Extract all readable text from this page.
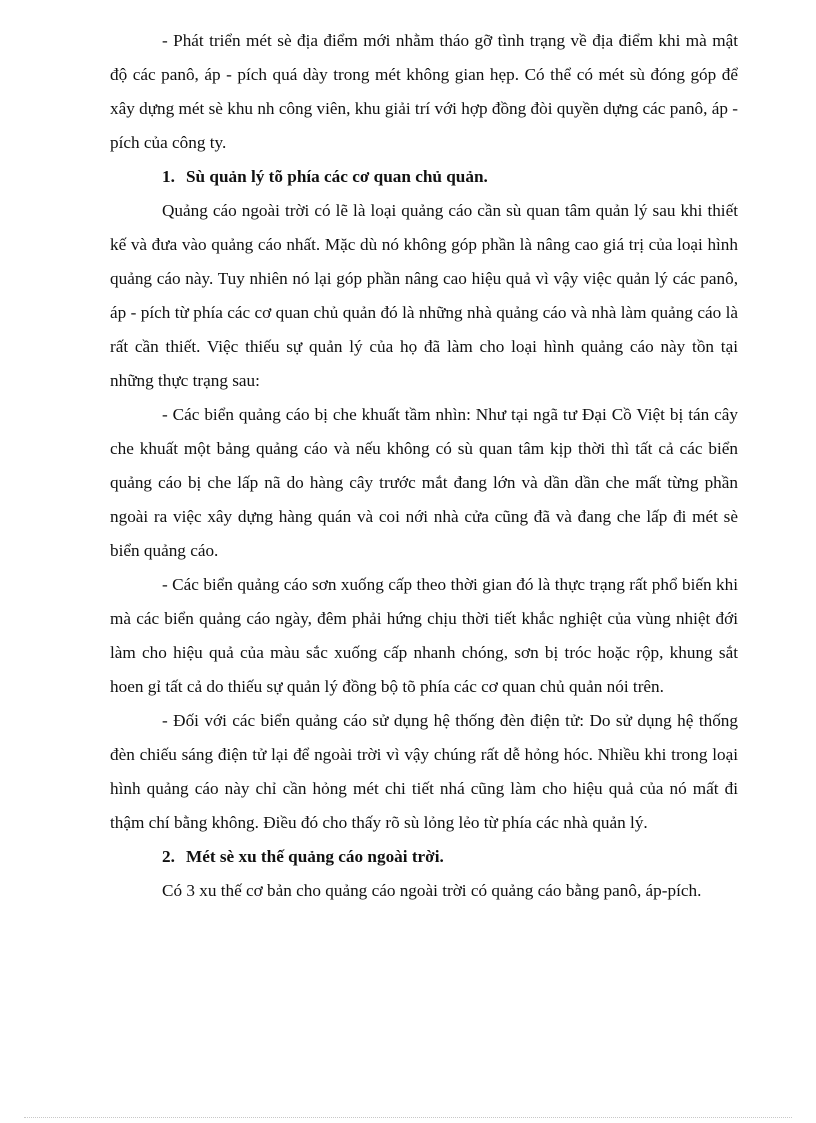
- Phát triển mét sè địa điểm mới nhằm tháo gỡ tình trạng về địa điểm khi mà mật độ các panô, áp - pích quá dày trong mét không gian hẹp. Có thể có mét sù đóng góp để xây dựng mét sè khu nh công viên, khu giải trí với hợp đồng đòi quyền dựng các panô, áp - pích của công ty.

1. Sù quản lý tõ phía các cơ quan chủ quản.

Quảng cáo ngoài trời có lẽ là loại quảng cáo cần sù quan tâm quản lý sau khi thiết kế và đưa vào quảng cáo nhất. Mặc dù nó không góp phần là nâng cao giá trị của loại hình quảng cáo này. Tuy nhiên nó lại góp phần nâng cao hiệu quả vì vậy việc quản lý các panô, áp - pích từ phía các cơ quan chủ quản đó là những nhà quảng cáo và nhà làm quảng cáo là rất cần thiết. Việc thiếu sự quản lý của họ đã làm cho loại hình quảng cáo này tồn tại những thực trạng sau:

- Các biển quảng cáo bị che khuất tầm nhìn: Như tại ngã tư Đại Cồ Việt bị tán cây che khuất một bảng quảng cáo và nếu không có sù quan tâm kịp thời thì tất cả các biển quảng cáo bị che lấp nã do hàng cây trước mắt đang lớn và dần dần che mất từng phần ngoài ra việc xây dựng hàng quán và coi nới nhà cửa cũng đã và đang che lấp đi mét sè biển quảng cáo.

- Các biển quảng cáo sơn xuống cấp theo thời gian đó là thực trạng rất phổ biến khi mà các biển quảng cáo ngày, đêm phải hứng chịu thời tiết khắc nghiệt của vùng nhiệt đới làm cho hiệu quả của màu sắc xuống cấp nhanh chóng, sơn bị tróc hoặc rộp, khung sắt hoen gỉ tất cả do thiếu sự quản lý đồng bộ tõ phía các cơ quan chủ quản nói trên.

- Đối với các biển quảng cáo sử dụng hệ thống đèn điện tử: Do sử dụng hệ thống đèn chiếu sáng điện tử lại để ngoài trời vì vậy chúng rất dễ hỏng hóc. Nhiều khi trong loại hình quảng cáo này chỉ cần hỏng mét chi tiết nhá cũng làm cho hiệu quả của nó mất đi thậm chí bằng không. Điều đó cho thấy rõ sù lỏng lẻo từ phía các nhà quản lý.

2. Mét sè xu thế quảng cáo ngoài trời.

Có 3 xu thế cơ bản cho quảng cáo ngoài trời có quảng cáo bằng panô, áp-pích.
